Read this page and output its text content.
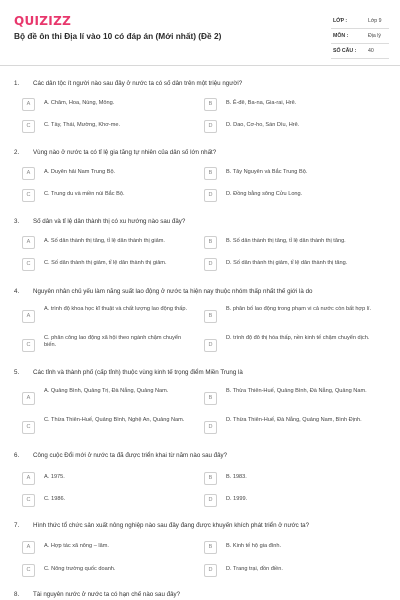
QUIZIZZ
Bộ đề ôn thi Địa lí vào 10 có đáp án (Mới nhất) (Đề 2)
LỚP :	Lớp 9
MÔN :	Địa lý
SỐ CÂU : 40
1. Các dân tộc ít người nào sau đây ở nước ta có số dân trên một triệu người?
A	A. Chăm, Hoa, Nùng, Mông.	B	B. Ê-đê, Ba-na, Gia-rai, Hrê.
C	C. Tày, Thái, Mường, Khơ-me.	D	D. Dao, Cơ-ho, Sán Dìu, Hrê.
2. Vùng nào ở nước ta có tỉ lệ gia tăng tự nhiên của dân số lớn nhất?
A	A. Duyên hải Nam Trung Bộ.	B	B. Tây Nguyên và Bắc Trung Bộ.
C	C. Trung du và miền núi Bắc Bộ.	D	D. Đồng bằng sông Cửu Long.
3. Số dân và tỉ lệ dân thành thị có xu hướng nào sau đây?
A	A. Số dân thành thị tăng, tỉ lệ dân thành thị giảm.	B	B. Số dân thành thị tăng, tỉ lệ dân thành thị tăng.
C	C. Số dân thành thị giảm, tỉ lệ dân thành thị giảm.	D	D. Số dân thành thị giảm, tỉ lệ dân thành thị tăng.
4. Nguyên nhân chủ yếu làm năng suất lao động ở nước ta hiện nay thuộc nhóm thấp nhất thế giới là do
A
A. trình độ khoa học kĩ thuật và chất lượng lao động thấp.
B
B. phân bố lao động trong phạm vi cả nước còn bất hợp lí.
C
C. phân công lao động xã hội theo ngành chậm chuyển biến.	D
D. trình độ đô thị hóa thấp, nền kinh tế chậm chuyển dịch.
5. Các tỉnh và thành phố (cấp tỉnh) thuộc vùng kinh tế trọng điểm Miền Trung là
A
A. Quảng Bình, Quảng Trị, Đà Nẵng, Quảng Nam.
B
B. Thừa Thiên-Huế, Quảng Bình, Đà Nẵng, Quảng Nam.
C
C. Thừa Thiên-Huế, Quảng Bình, Nghệ An, Quảng Nam.
D
D. Thừa Thiên-Huế, Đà Nẵng, Quảng Nam, Bình Định.
6. Công cuộc Đổi mới ở nước ta đã được triển khai từ năm nào sau đây?
A	A. 1975.	B	B. 1983.
C	C. 1986.	D	D. 1999.
7. Hình thức tổ chức sản xuất nông nghiệp nào sau đây đang được khuyến khích phát triển ở nước ta?
A	A. Hợp tác xã nông – lâm.	B	B. Kinh tế hộ gia đình.
C	C. Nông trường quốc doanh.	D	D. Trang trại, đồn điền.
8. Tài nguyên nước ở nước ta có hạn chế nào sau đây?
